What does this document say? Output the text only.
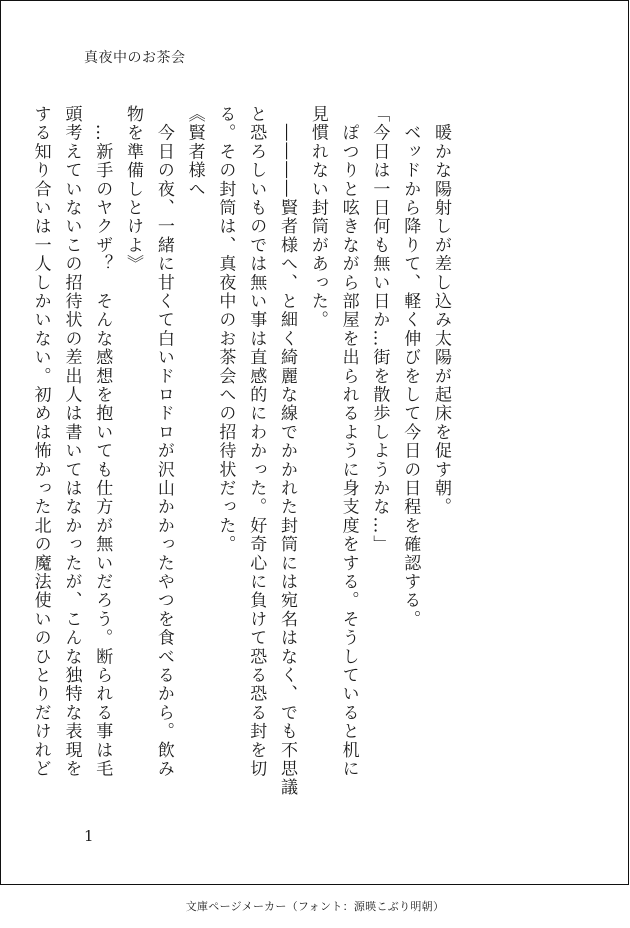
真夜中のお茶会

　暖かな陽射しが差し込み太陽が起床を促す朝。

　ベッドから降りて、軽く伸びをして今日の日程を確認する。

「今日は一日何も無い日か…街を散歩しようかな…」

　ぽつりと呟きながら部屋を出られるように身支度をする。そうしていると机に
見慣れない封筒があった。

　――――賢者様へ、と細く綺麗な線でかかれた封筒には宛名はなく、でも不思議
と恐ろしいものでは無い事は直感的にわかった。好奇心に負けて恐る恐る封を切
る。その封筒は、真夜中のお茶会への招待状だった。

《賢者様へ

　今日の夜、一緒に甘くて白いドロドロが沢山かかったやつを食べるから。飲み
物を準備しとけよ》

　…新手のヤクザ？　そんな感想を抱いても仕方が無いだろう。断られる事は毛
頭考えていないこの招待状の差出人は書いてはなかったが、こんな独特な表現を
する知り合いは一人しかいない。初めは怖かった北の魔法使いのひとりだけれど

1
文庫ページメーカー（フォント：源暎こぶり明朝）
